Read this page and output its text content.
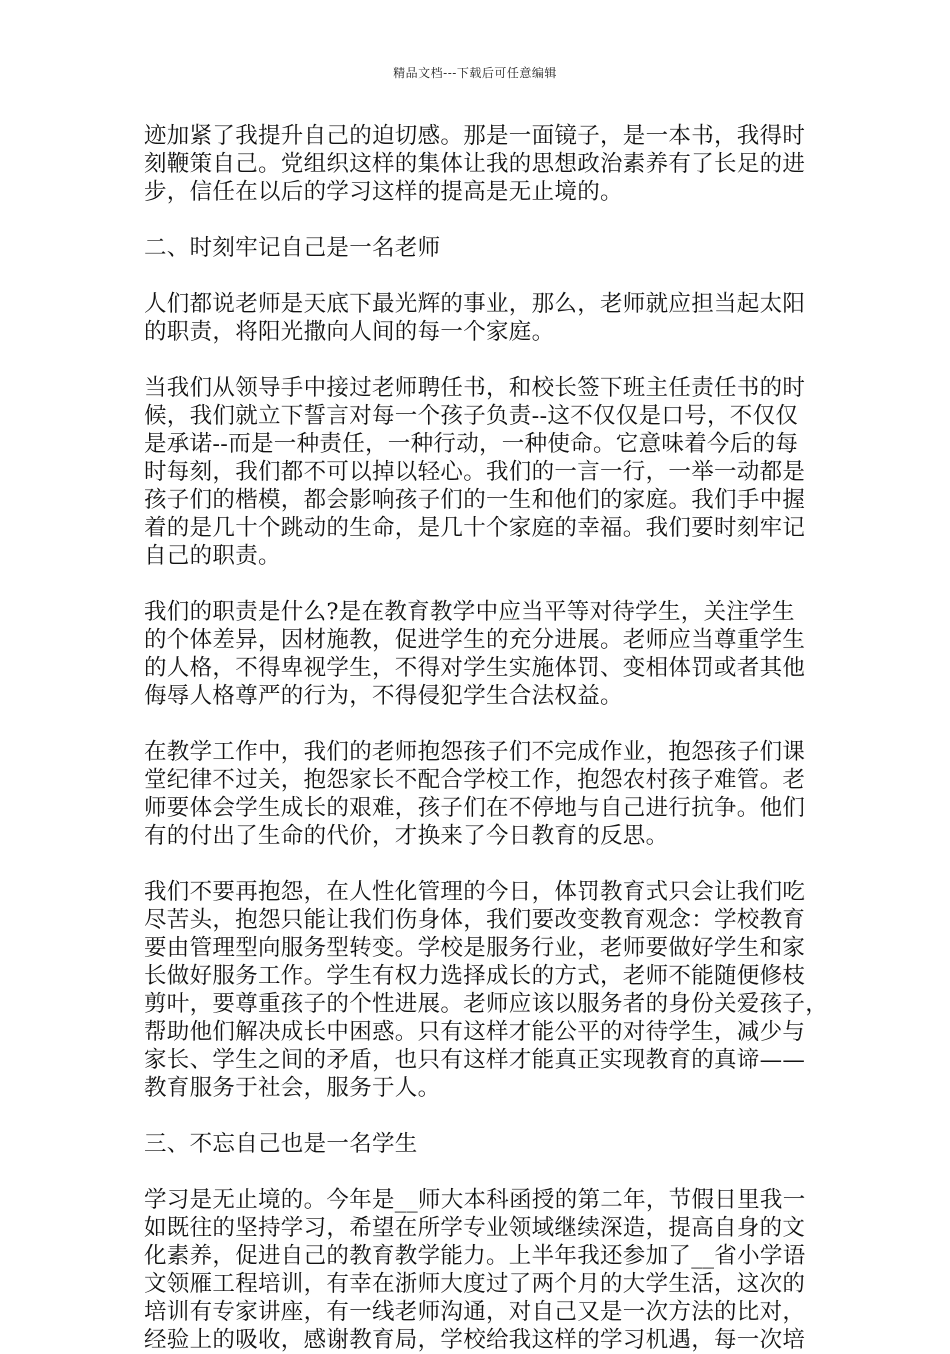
精品文档---下载后可任意编辑
迹加紧了我提升自己的迫切感。那是一面镜子，是一本书，我得时
刻鞭策自己。党组织这样的集体让我的思想政治素养有了长足的进
步，信任在以后的学习这样的提高是无止境的。
二、时刻牢记自己是一名老师
人们都说老师是天底下最光辉的事业，那么，老师就应担当起太阳
的职责，将阳光撒向人间的每一个家庭。
当我们从领导手中接过老师聘任书，和校长签下班主任责任书的时
候，我们就立下誓言对每一个孩子负责--这不仅仅是口号，不仅仅
是承诺--而是一种责任，一种行动，一种使命。它意味着今后的每
时每刻，我们都不可以掉以轻心。我们的一言一行，一举一动都是
孩子们的楷模，都会影响孩子们的一生和他们的家庭。我们手中握
着的是几十个跳动的生命，是几十个家庭的幸福。我们要时刻牢记
自己的职责。
我们的职责是什么?是在教育教学中应当平等对待学生，关注学生
的个体差异，因材施教，促进学生的充分进展。老师应当尊重学生
的人格，不得卑视学生，不得对学生实施体罚、变相体罚或者其他
侮辱人格尊严的行为，不得侵犯学生合法权益。
在教学工作中，我们的老师抱怨孩子们不完成作业，抱怨孩子们课
堂纪律不过关，抱怨家长不配合学校工作，抱怨农村孩子难管。老
师要体会学生成长的艰难，孩子们在不停地与自己进行抗争。他们
有的付出了生命的代价，才换来了今日教育的反思。
我们不要再抱怨，在人性化管理的今日，体罚教育式只会让我们吃
尽苦头，抱怨只能让我们伤身体，我们要改变教育观念：学校教育
要由管理型向服务型转变。学校是服务行业，老师要做好学生和家
长做好服务工作。学生有权力选择成长的方式，老师不能随便修枝
剪叶，要尊重孩子的个性进展。老师应该以服务者的身份关爱孩子，
帮助他们解决成长中困惑。只有这样才能公平的对待学生，减少与
家长、学生之间的矛盾，也只有这样才能真正实现教育的真谛——
教育服务于社会，服务于人。
三、不忘自己也是一名学生
学习是无止境的。今年是__师大本科函授的第二年，节假日里我一
如既往的坚持学习，希望在所学专业领域继续深造，提高自身的文
化素养，促进自己的教育教学能力。上半年我还参加了__省小学语
文领雁工程培训，有幸在浙师大度过了两个月的大学生活，这次的
培训有专家讲座，有一线老师沟通，对自己又是一次方法的比对，
经验上的吸收，感谢教育局，学校给我这样的学习机遇，每一次培
